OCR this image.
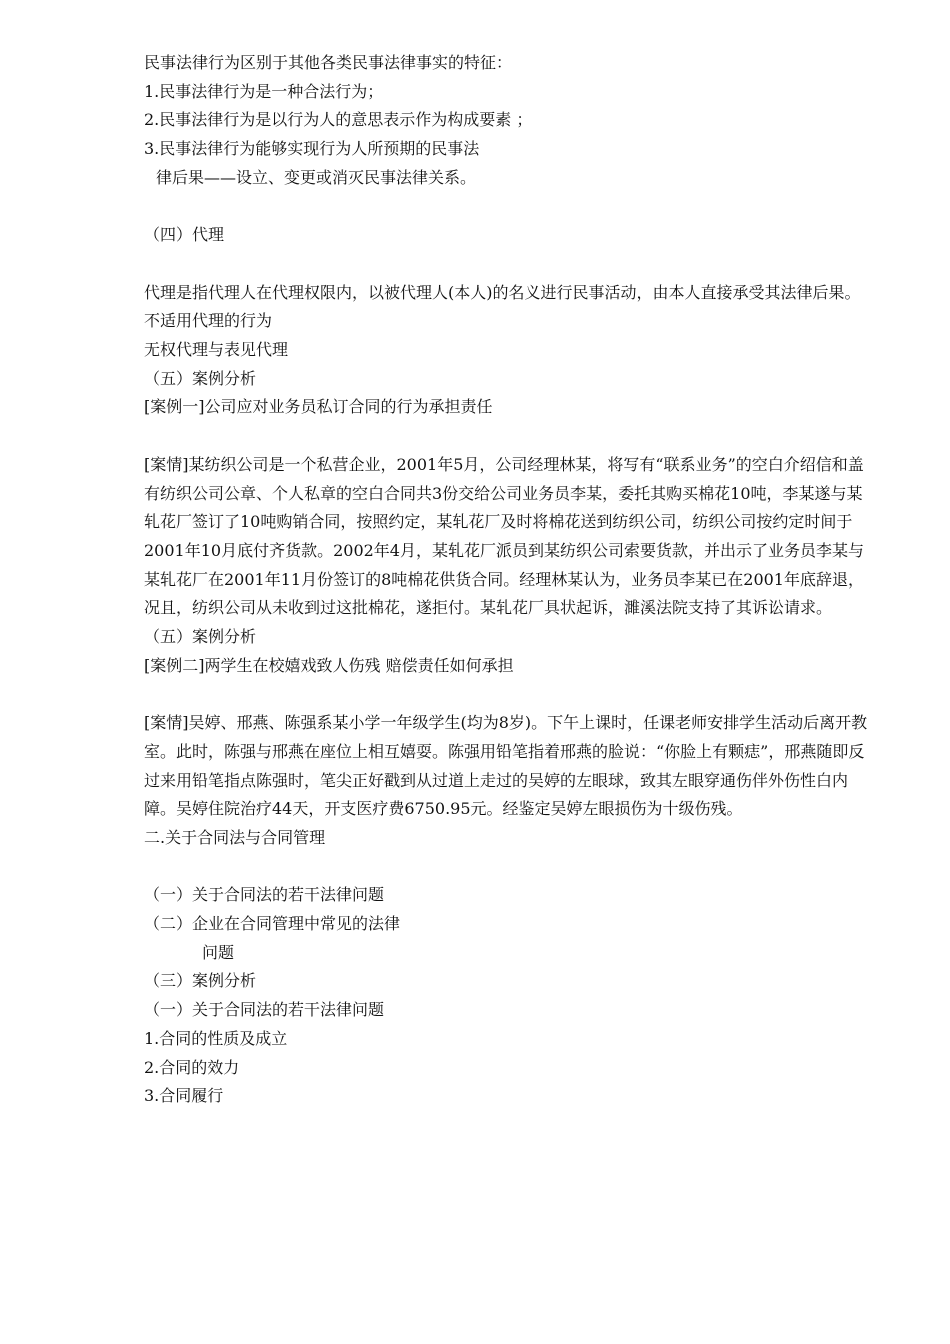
民事法律行为区别于其他各类民事法律事实的特征：
1.民事法律行为是一种合法行为；
2.民事法律行为是以行为人的意思表示作为构成要素 ；
3.民事法律行为能够实现行为人所预期的民事法
律后果——设立、变更或消灭民事法律关系。
（四）代理
代理是指代理人在代理权限内，以被代理人(本人)的名义进行民事活动，由本人直接承受其法律后果。
不适用代理的行为
无权代理与表见代理
（五）案例分析
[案例一]公司应对业务员私订合同的行为承担责任
[案情]某纺织公司是一个私营企业，2001年5月，公司经理林某，将写有“联系业务”的空白介绍信和盖有纺织公司公章、个人私章的空白合同共3份交给公司业务员李某，委托其购买棉花10吨，李某遂与某轧花厂签订了10吨购销合同，按照约定，某轧花厂及时将棉花送到纺织公司，纺织公司按约定时间于2001年10月底付齐货款。2002年4月，某轧花厂派员到某纺织公司索要货款，并出示了业务员李某与某轧花厂在2001年11月份签订的8吨棉花供货合同。经理林某认为，业务员李某已在2001年底辞退，况且，纺织公司从未收到过这批棉花，遂拒付。某轧花厂具状起诉，濉溪法院支持了其诉讼请求。
（五）案例分析
[案例二]两学生在校嬉戏致人伤残 赔偿责任如何承担
[案情]吴婷、邢燕、陈强系某小学一年级学生(均为8岁)。下午上课时，任课老师安排学生活动后离开教室。此时，陈强与邢燕在座位上相互嬉耍。陈强用铅笔指着邢燕的脸说：“你脸上有颗痣”，邢燕随即反过来用铅笔指点陈强时，笔尖正好戳到从过道上走过的吴婷的左眼球，致其左眼穿通伤伴外伤性白内障。吴婷住院治疗44天，开支医疗费6750.95元。经鉴定吴婷左眼损伤为十级伤残。
二.关于合同法与合同管理
（一）关于合同法的若干法律问题
（二）企业在合同管理中常见的法律
问题
（三）案例分析
（一）关于合同法的若干法律问题
1.合同的性质及成立
2.合同的效力
3.合同履行
